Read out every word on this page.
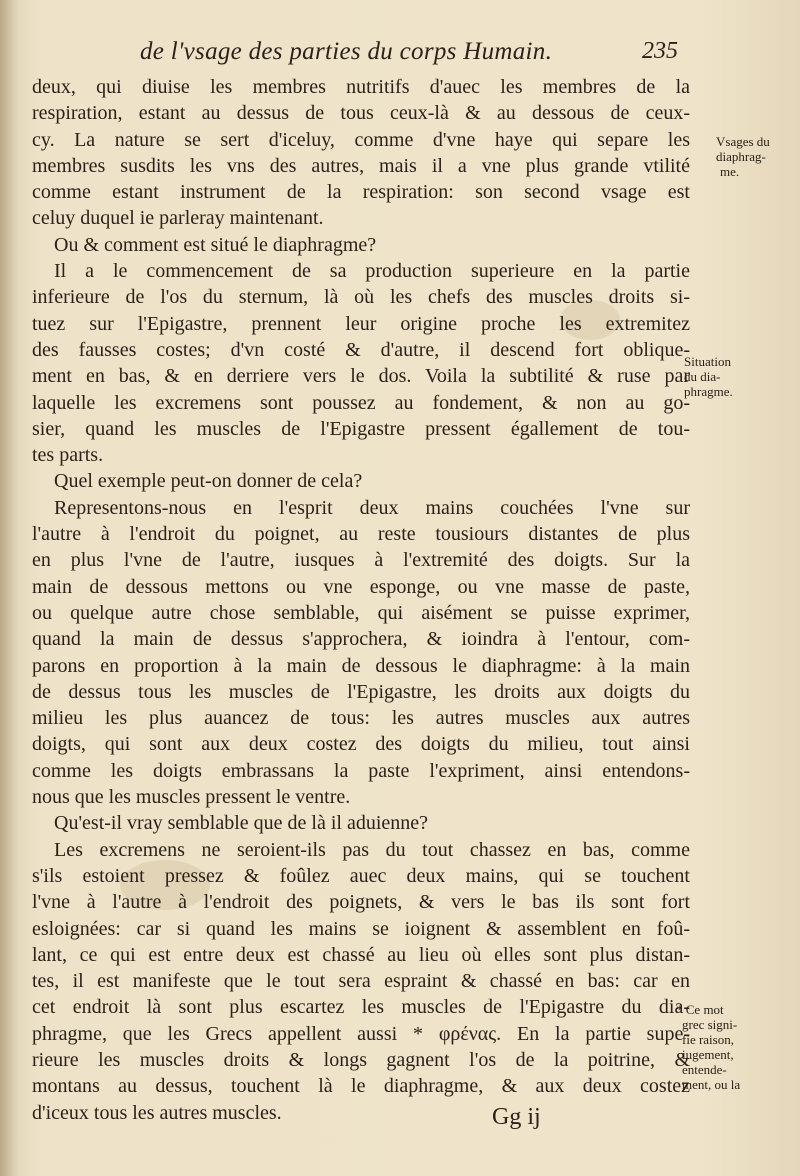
de l'vsage des parties du corps Humain.	235
deux, qui diuise les membres nutritifs d'auec les membres de la
respiration, estant au dessus de tous ceux-là & au dessous de ceux-
cy. La nature se sert d'iceluy, comme d'vne haye qui separe les
membres susdits les vns des autres, mais il a vne plus grande vtilité
comme estant instrument de la respiration: son second vsage est
celuy duquel ie parleray maintenant.
Ou & comment est situé le diaphragme?
Il a le commencement de sa production superieure en la partie
inferieure de l'os du sternum, là où les chefs des muscles droits si-
tuez sur l'Epigastre, prennent leur origine proche les extremitez
des fausses costes; d'vn costé & d'autre, il descend fort oblique-
ment en bas, & en derriere vers le dos. Voila la subtilité & ruse par
laquelle les excremens sont poussez au fondement, & non au go-
sier, quand les muscles de l'Epigastre pressent égallement de tou-
tes parts.
Quel exemple peut-on donner de cela?
Representons-nous en l'esprit deux mains couchées l'vne sur
l'autre à l'endroit du poignet, au reste tousiours distantes de plus
en plus l'vne de l'autre, iusques à l'extremité des doigts. Sur la
main de dessous mettons ou vne esponge, ou vne masse de paste,
ou quelque autre chose semblable, qui aisément se puisse exprimer,
quand la main de dessus s'approchera, & ioindra à l'entour, com-
parons en proportion à la main de dessous le diaphragme: à la main
de dessus tous les muscles de l'Epigastre, les droits aux doigts du
milieu les plus auancez de tous: les autres muscles aux autres
doigts, qui sont aux deux costez des doigts du milieu, tout ainsi
comme les doigts embrassans la paste l'expriment, ainsi entendons-
nous que les muscles pressent le ventre.
Qu'est-il vray semblable que de là il aduienne?
Les excremens ne seroient-ils pas du tout chassez en bas, comme
s'ils estoient pressez & foûlez auec deux mains, qui se touchent
l'vne à l'autre à l'endroit des poignets, & vers le bas ils sont fort
esloignées: car si quand les mains se ioignent & assemblent en foû-
lant, ce qui est entre deux est chassé au lieu où elles sont plus distan-
tes, il est manifeste que le tout sera espraint & chassé en bas: car en
cet endroit là sont plus escartez les muscles de l'Epigastre du dia-
phragme, que les Grecs appellent aussi * φρένας. En la partie supe-
rieure les muscles droits & longs gagnent l'os de la poitrine, &
montans au dessus, touchent là le diaphragme, & aux deux costez
d'iceux tous les autres muscles.
Vsages du
diaphrag-
me.
Situation
du dia-
phragme.
* Ce mot
grec signi-
fie raison,
iugement,
entende-
ment, ou la
Gg ij
